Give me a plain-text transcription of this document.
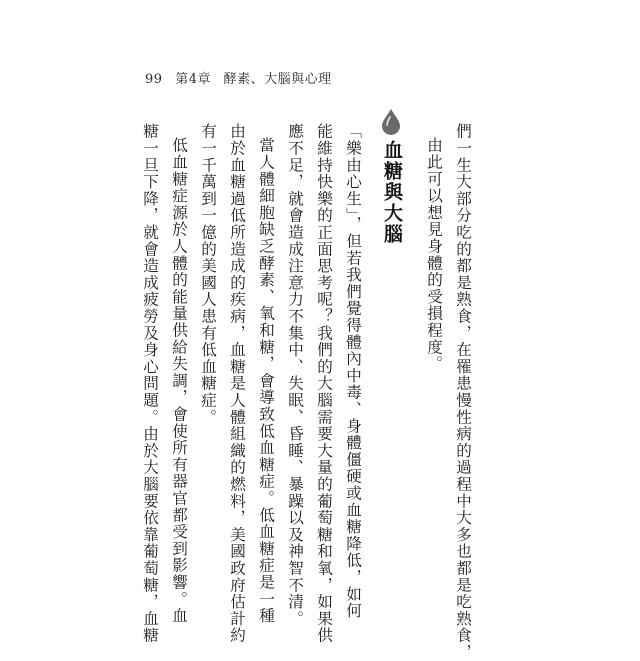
99 第4章 酵素、大腦與心理
們一生大部分吃的都是熟食，在罹患慢性病的過程中大多也都是吃熟食，
由此可以想見身體的受損程度。
血糖與大腦
「樂由心生」，但若我們覺得體內中毒、身體僵硬或血糖降低，如何
能維持快樂的正面思考呢？我們的大腦需要大量的葡萄糖和氧，如果供
應不足，就會造成注意力不集中、失眠、昏睡、暴躁以及神智不清。
當人體細胞缺乏酵素、氧和糖，會導致低血糖症。低血糖症是一種
由於血糖過低所造成的疾病，血糖是人體組織的燃料，美國政府估計約
有一千萬到一億的美國人患有低血糖症。
低血糖症源於人體的能量供給失調，會使所有器官都受到影響。血
糖一旦下降，就會造成疲勞及身心問題。由於大腦要依靠葡萄糖，血糖
